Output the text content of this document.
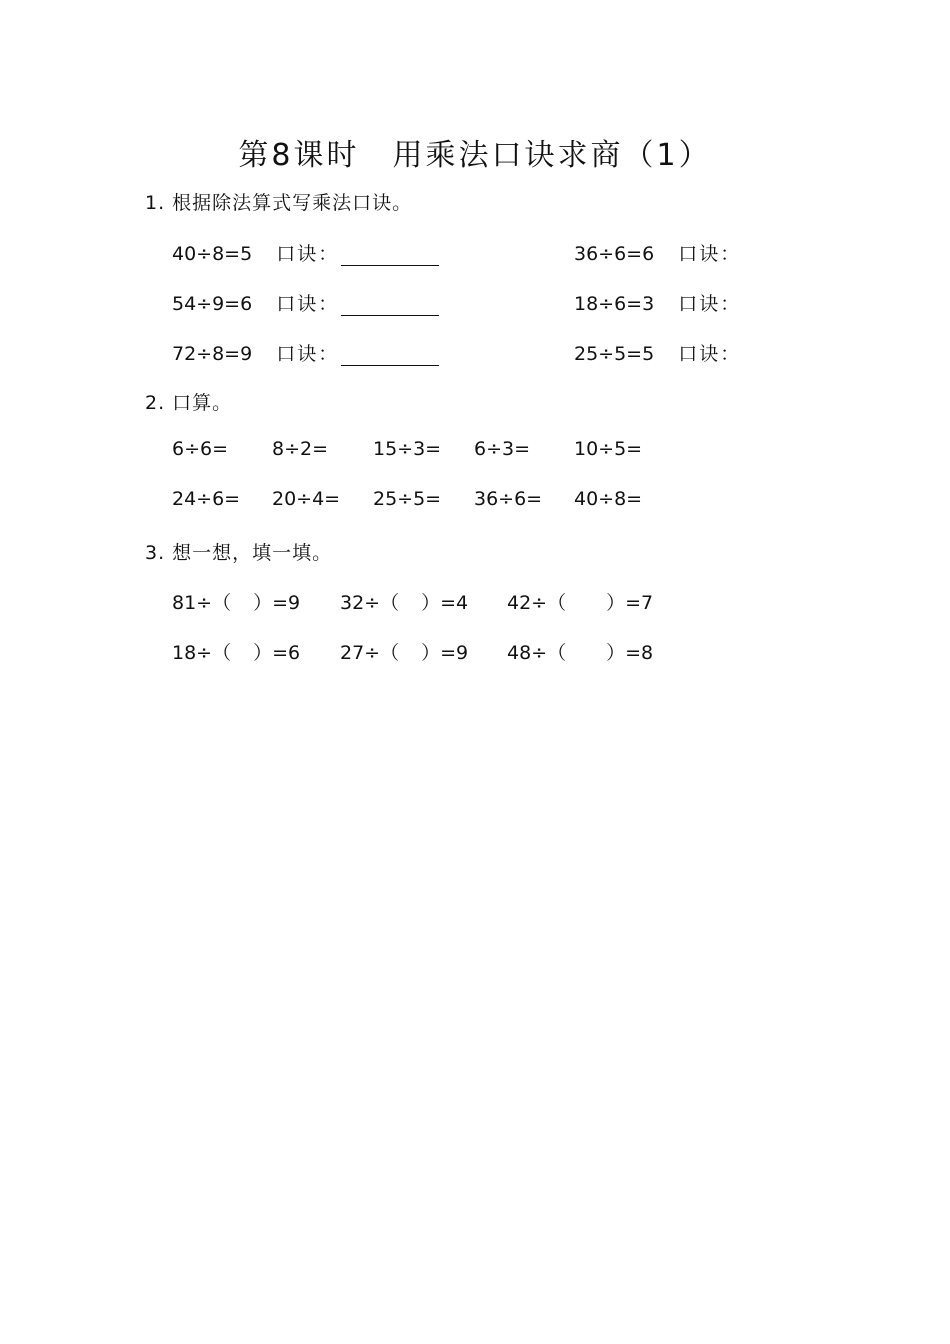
第8课时　用乘法口诀求商（1）
1. 根据除法算式写乘法口诀。
40÷8=5 口诀：
54÷9=6 口诀：
72÷8=9 口诀：
36÷6=6 口诀：
18÷6=3 口诀：
25÷5=5 口诀：
2. 口算。
6÷6= 8÷2= 15÷3= 6÷3= 10÷5=
24÷6= 20÷4= 25÷5= 36÷6= 40÷8=
3. 想一想，填一填。
81÷（ ）=9 32÷（ ）=4 42÷（ ）=7
18÷（ ）=6 27÷（ ）=9 48÷（ ）=8
